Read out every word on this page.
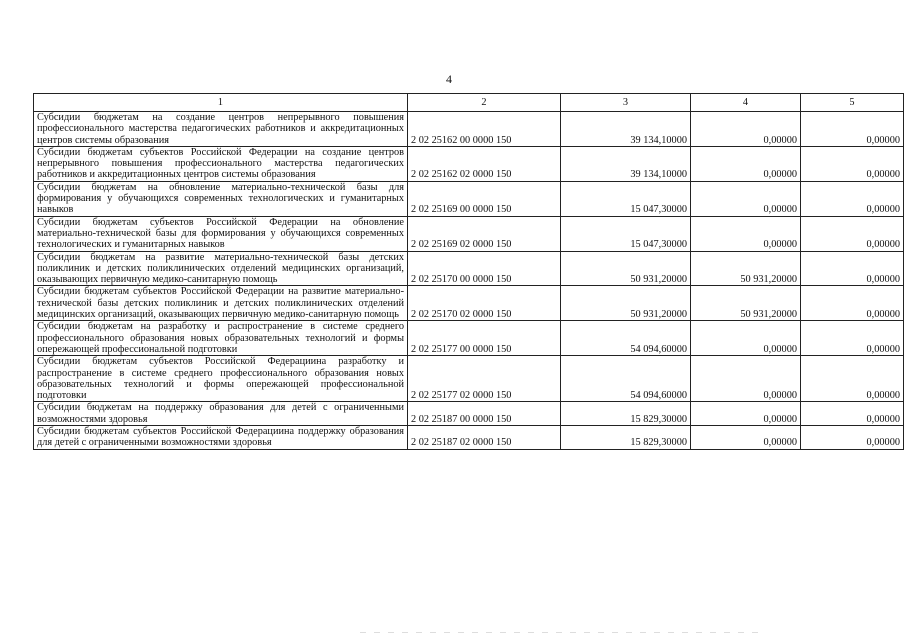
4
1	2	3	4	5
Субсидии бюджетам на создание центров непрерывного повышения профессионального мастерства педагогических работников и аккредитационных центров системы образования	2 02 25162 00 0000 150	39 134,10000	0,00000	0,00000
Субсидии бюджетам субъектов Российской Федерации на создание центров непрерывного повышения профессионального мастерства педагогических работников и аккредитационных центров системы образования	2 02 25162 02 0000 150	39 134,10000	0,00000	0,00000
Субсидии бюджетам на обновление материально-технической базы для формирования у обучающихся современных технологических и гуманитарных навыков	2 02 25169 00 0000 150	15 047,30000	0,00000	0,00000
Субсидии бюджетам субъектов Российской Федерации на обновление материально-технической базы для формирования у обучающихся современных технологических и гуманитарных навыков	2 02 25169 02 0000 150	15 047,30000	0,00000	0,00000
Субсидии бюджетам на развитие материально-технической базы детских поликлиник и детских поликлинических отделений медицинских организаций, оказывающих первичную медико-санитарную помощь	2 02 25170 00 0000 150	50 931,20000	50 931,20000	0,00000
Субсидии бюджетам субъектов Российской Федерации на развитие материально-технической базы детских поликлиник и детских поликлинических отделений медицинских организаций, оказывающих первичную медико-санитарную помощь	2 02 25170 02 0000 150	50 931,20000	50 931,20000	0,00000
Субсидии бюджетам на разработку и распространение в системе среднего профессионального образования новых образовательных технологий и формы опережающей профессиональной подготовки	2 02 25177 00 0000 150	54 094,60000	0,00000	0,00000
Субсидии бюджетам субъектов Российской Федерациина разработку и распространение в системе среднего профессионального образования новых образовательных технологий и формы опережающей профессиональной подготовки	2 02 25177 02 0000 150	54 094,60000	0,00000	0,00000
Субсидии бюджетам на поддержку образования для детей с ограниченными возможностями здоровья	2 02 25187 00 0000 150	15 829,30000	0,00000	0,00000
Субсидии бюджетам субъектов Российской Федерациина поддержку образования для детей с ограниченными возможностями здоровья	2 02 25187 02 0000 150	15 829,30000	0,00000	0,00000
